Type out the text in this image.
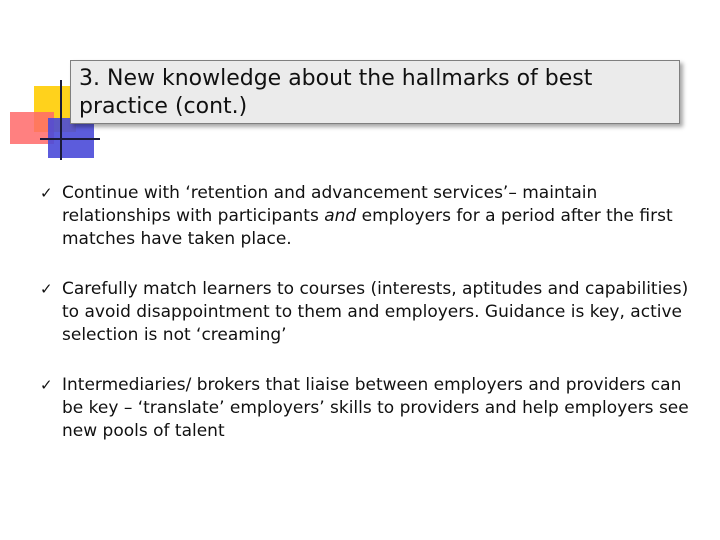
3. New knowledge about the hallmarks of best practice (cont.)
✓ Continue with ‘retention and advancement services’– maintain relationships with participants and employers for a period after the first matches have taken place.
✓ Carefully match learners to courses (interests, aptitudes and capabilities) to avoid disappointment to them and employers. Guidance is key, active selection is not ‘creaming’
✓ Intermediaries/ brokers that liaise between employers and providers can be key – ‘translate’ employers’ skills to providers and help employers see new pools of talent
